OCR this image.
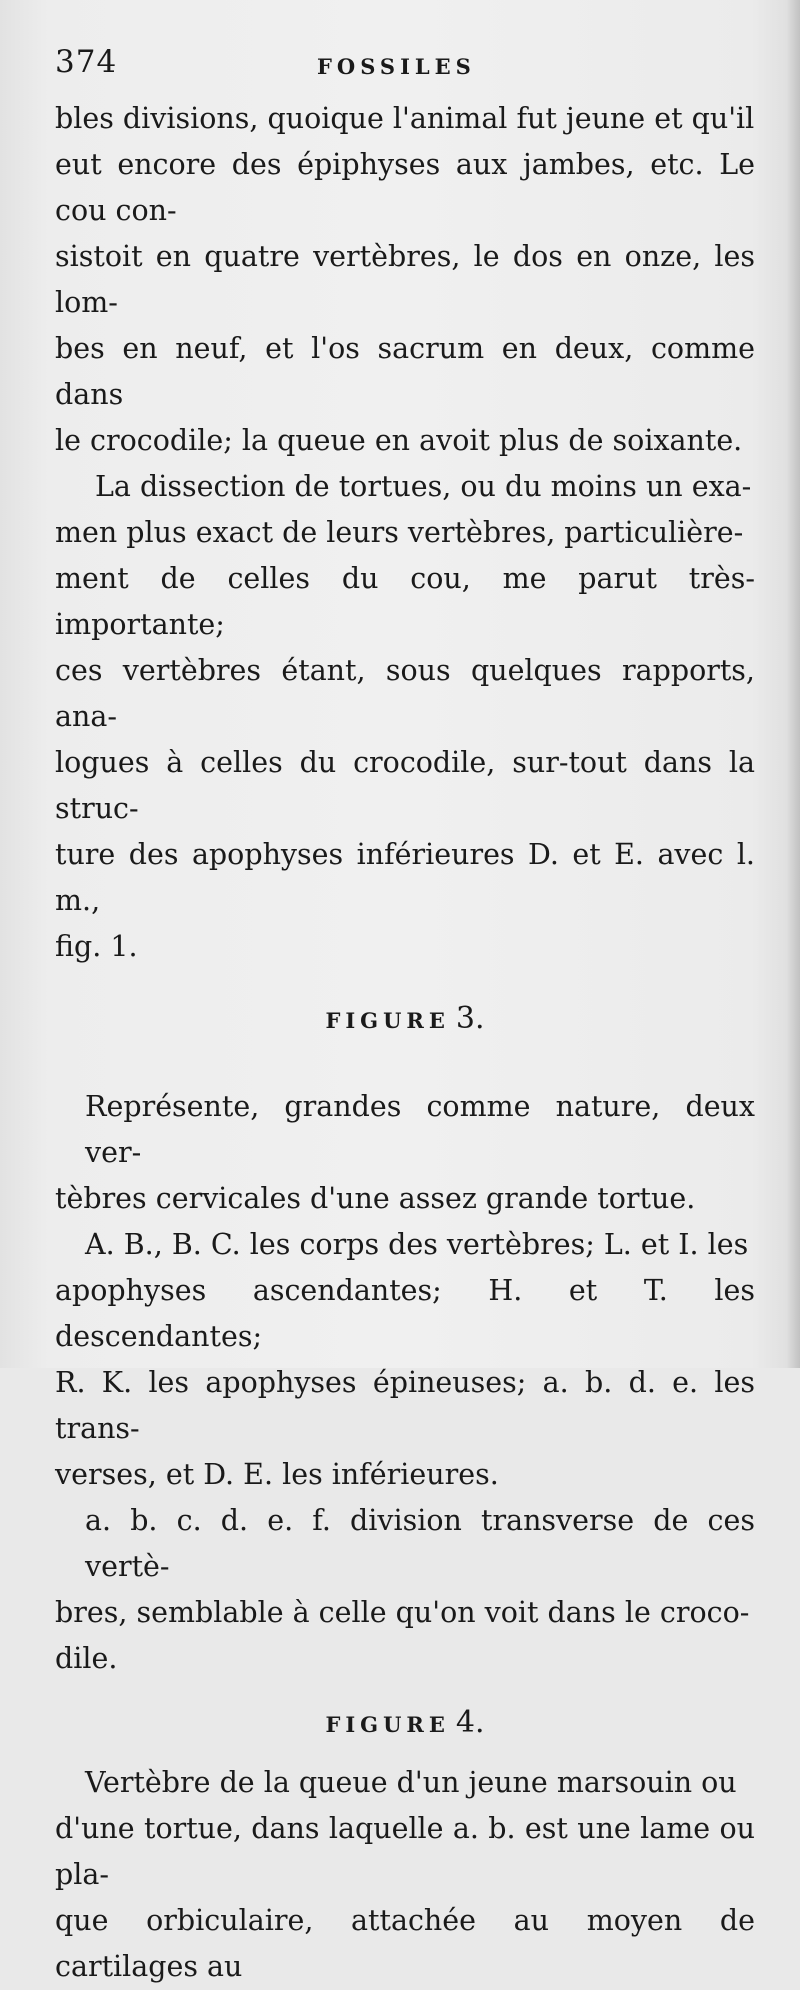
374	FOSSILES

bles divisions, quoique l'animal fut jeune et qu'il
eut encore des épiphyses aux jambes, etc. Le cou con-
sistoit en quatre vertèbres, le dos en onze, les lom-
bes en neuf, et l'os sacrum en deux, comme dans
le crocodile; la queue en avoit plus de soixante.

La dissection de tortues, ou du moins un exa-
men plus exact de leurs vertèbres, particulière-
ment de celles du cou, me parut très-importante;
ces vertèbres étant, sous quelques rapports, ana-
logues à celles du crocodile, sur-tout dans la struc-
ture des apophyses inférieures D. et E. avec l. m.,
fig. 1.

FIGURE 3.

Représente, grandes comme nature, deux ver-
tèbres cervicales d'une assez grande tortue.

A. B., B. C. les corps des vertèbres; L. et I. les
apophyses ascendantes; H. et T. les descendantes;
R. K. les apophyses épineuses; a. b. d. e. les trans-
verses, et D. E. les inférieures.

a. b. c. d. e. f. division transverse de ces vertè-
bres, semblable à celle qu'on voit dans le croco-
dile.

FIGURE 4.

Vertèbre de la queue d'un jeune marsouin ou
d'une tortue, dans laquelle a. b. est une lame ou pla-
que orbiculaire, attachée au moyen de cartilages au
